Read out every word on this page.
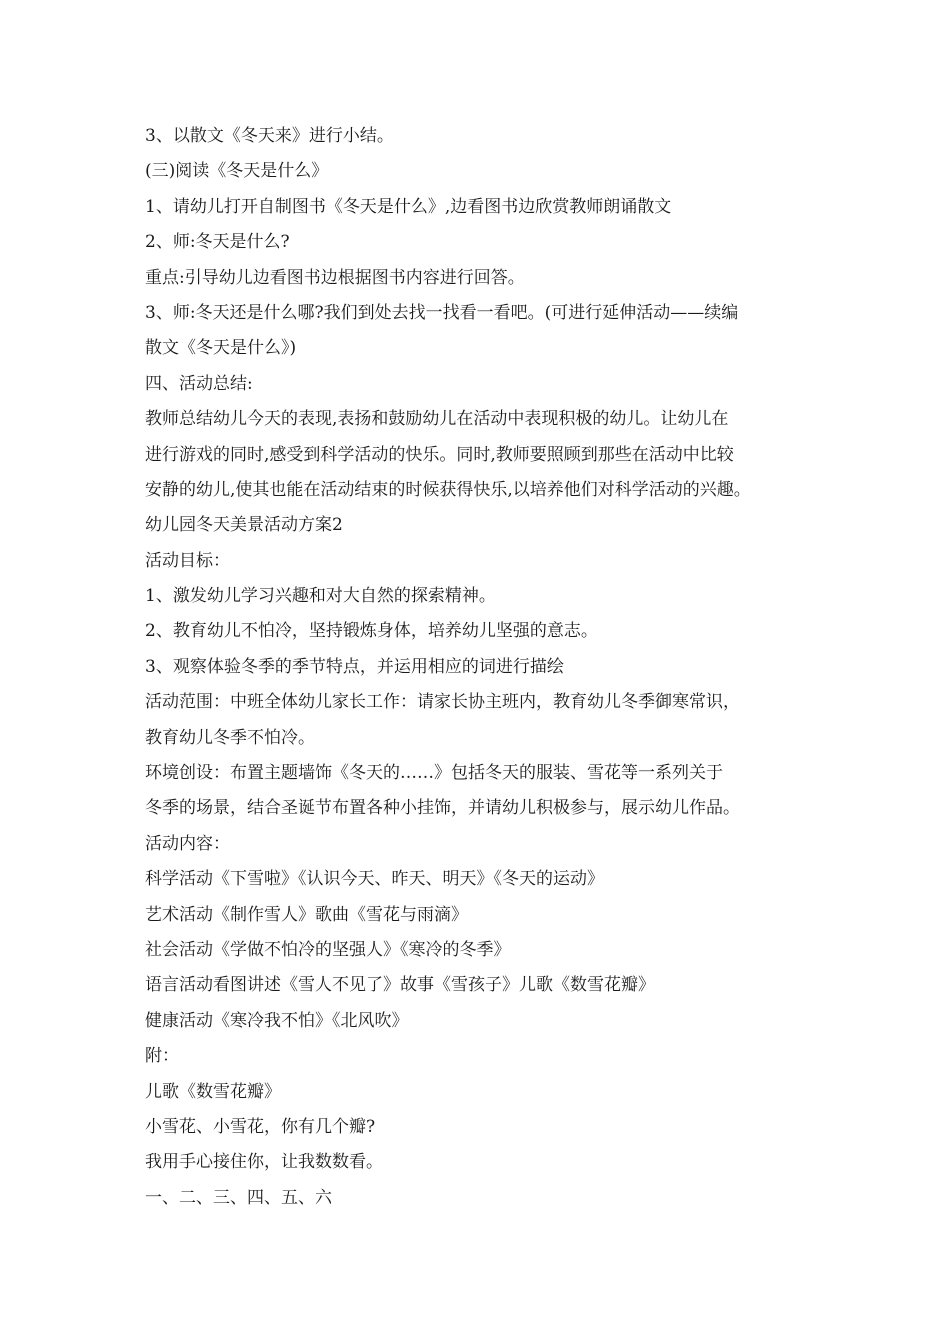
3、以散文《冬天来》进行小结。
(三)阅读《冬天是什么》
1、请幼儿打开自制图书《冬天是什么》,边看图书边欣赏教师朗诵散文
2、师:冬天是什么?
重点:引导幼儿边看图书边根据图书内容进行回答。
3、师:冬天还是什么哪?我们到处去找一找看一看吧。(可进行延伸活动——续编
散文《冬天是什么》)
四、活动总结:
教师总结幼儿今天的表现,表扬和鼓励幼儿在活动中表现积极的幼儿。让幼儿在
进行游戏的同时,感受到科学活动的快乐。同时,教师要照顾到那些在活动中比较
安静的幼儿,使其也能在活动结束的时候获得快乐,以培养他们对科学活动的兴趣。
幼儿园冬天美景活动方案2
活动目标：
1、激发幼儿学习兴趣和对大自然的探索精神。
2、教育幼儿不怕冷，坚持锻炼身体，培养幼儿坚强的意志。
3、观察体验冬季的季节特点，并运用相应的词进行描绘
活动范围：中班全体幼儿家长工作：请家长协主班内，教育幼儿冬季御寒常识，
教育幼儿冬季不怕冷。
环境创设：布置主题墙饰《冬天的……》包括冬天的服装、雪花等一系列关于
冬季的场景，结合圣诞节布置各种小挂饰，并请幼儿积极参与，展示幼儿作品。
活动内容：
科学活动《下雪啦》《认识今天、昨天、明天》《冬天的运动》
艺术活动《制作雪人》歌曲《雪花与雨滴》
社会活动《学做不怕冷的坚强人》《寒冷的冬季》
语言活动看图讲述《雪人不见了》故事《雪孩子》儿歌《数雪花瓣》
健康活动《寒冷我不怕》《北风吹》
附：
儿歌《数雪花瓣》
小雪花、小雪花，你有几个瓣?
我用手心接住你，让我数数看。
一、二、三、四、五、六
